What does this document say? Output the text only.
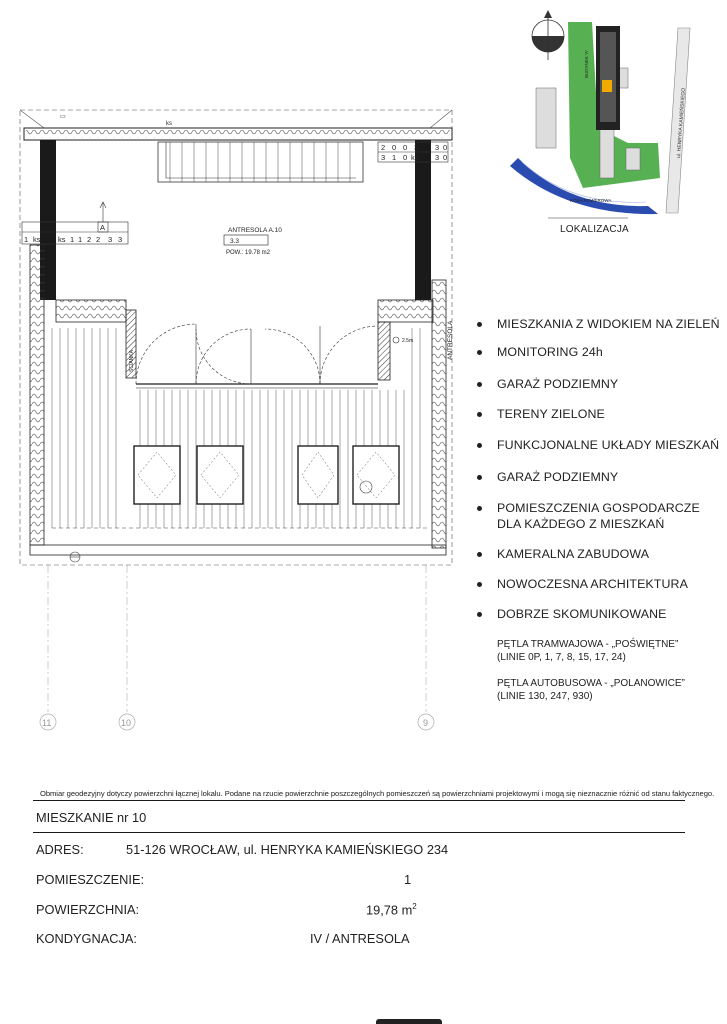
ks
▭
2 0 0 3 3 0
3 1 0 ks 3 0
A
1 ks ks 1 1 2 2 3 3
ANTRESOLA A.10
3.3
POW.: 19.78 m2
ANTRESOLA
ŚCIANKA
2.5m
11	10	9
ul. HENRYKA KAMIEŃSKIEGO
BUDYNEK 'A'
KOSA ROWEROWA
LOKALIZACJA
MIESZKANIA Z WIDOKIEM NA ZIELEŃ
MONITORING 24h
GARAŻ PODZIEMNY
TERENY ZIELONE
FUNKCJONALNE UKŁADY MIESZKAŃ
GARAŻ PODZIEMNY
POMIESZCZENIA GOSPODARCZE
DLA KAŻDEGO Z MIESZKAŃ
KAMERALNA ZABUDOWA
NOWOCZESNA ARCHITEKTURA
DOBRZE SKOMUNIKOWANE
PĘTLA TRAMWAJOWA - „POŚWIĘTNE”
(LINIE 0P, 1, 7, 8, 15, 17, 24)
PĘTLA AUTOBUSOWA - „POLANOWICE”
(LINIE 130, 247, 930)
Obmiar geodezyjny dotyczy powierzchni łącznej lokalu. Podane na rzucie powierzchnie poszczególnych pomieszczeń są powierzchniami projektowymi i mogą się nieznacznie różnić od stanu faktycznego.
MIESZKANIE nr 10
ADRES:	51-126 WROCŁAW, ul. HENRYKA KAMIEŃSKIEGO 234
POMIESZCZENIE:	1
POWIERZCHNIA:	19,78 $m^2$
KONDYGNACJA:	IV / ANTRESOLA
